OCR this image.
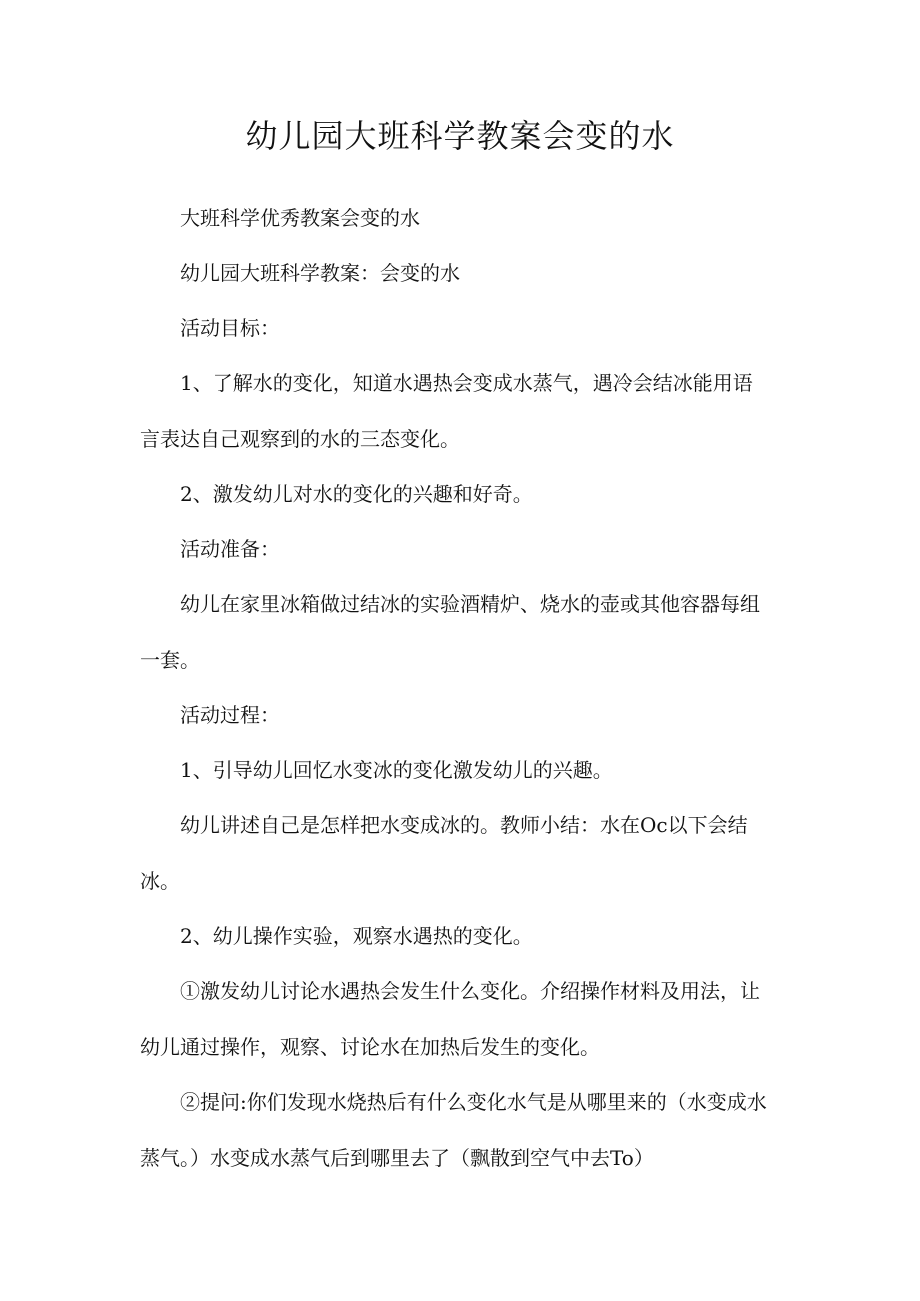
幼儿园大班科学教案会变的水

大班科学优秀教案会变的水

幼儿园大班科学教案：会变的水

活动目标：

1、了解水的变化，知道水遇热会变成水蒸气，遇冷会结冰能用语
言表达自己观察到的水的三态变化。

2、激发幼儿对水的变化的兴趣和好奇。

活动准备：

幼儿在家里冰箱做过结冰的实验酒精炉、烧水的壶或其他容器每组
一套。

活动过程：

1、引导幼儿回忆水变冰的变化激发幼儿的兴趣。

幼儿讲述自己是怎样把水变成冰的。教师小结：水在Oc以下会结
冰。

2、幼儿操作实验，观察水遇热的变化。

①激发幼儿讨论水遇热会发生什么变化。介绍操作材料及用法，让
幼儿通过操作，观察、讨论水在加热后发生的变化。

②提问:你们发现水烧热后有什么变化水气是从哪里来的（水变成水
蒸气。）水变成水蒸气后到哪里去了（飘散到空气中去To）
